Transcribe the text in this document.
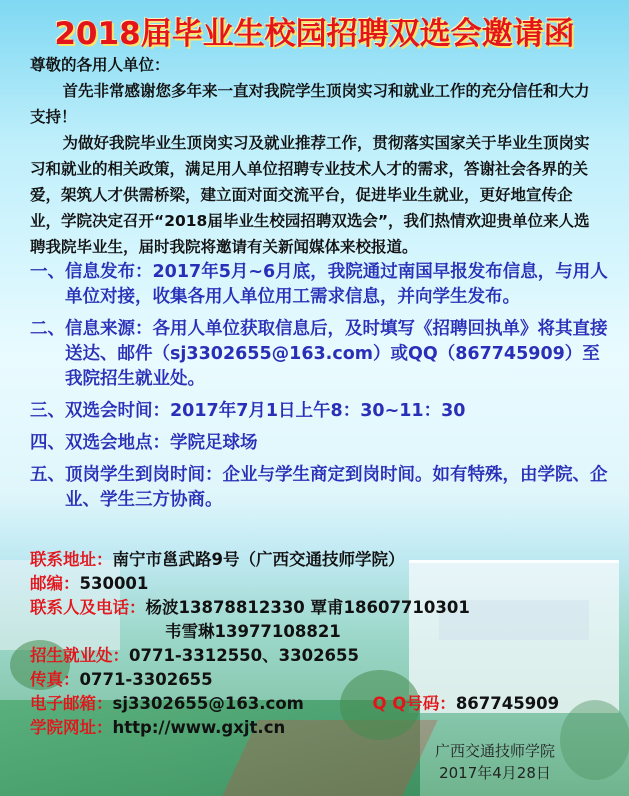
2018届毕业生校园招聘双选会邀请函

尊敬的各用人单位：

首先非常感谢您多年来一直对我院学生顶岗实习和就业工作的充分信任和大力支持！

为做好我院毕业生顶岗实习及就业推荐工作，贯彻落实国家关于毕业生顶岗实习和就业的相关政策，满足用人单位招聘专业技术人才的需求，答谢社会各界的关爱，架筑人才供需桥梁，建立面对面交流平台，促进毕业生就业，更好地宣传企业，学院决定召开“2018届毕业生校园招聘双选会”，我们热情欢迎贵单位来人选聘我院毕业生，届时我院将邀请有关新闻媒体来校报道。

一、 信息发布：2017年5月~6月底，我院通过南国早报发布信息，与用人单位对接，收集各用人单位用工需求信息，并向学生发布。
二、 信息来源：各用人单位获取信息后，及时填写《招聘回执单》将其直接送达、邮件（sj3302655@163.com）或QQ（867745909）至我院招生就业处。
三、 双选会时间：2017年7月1日上午8：30~11：30
四、 双选会地点：学院足球场
五、 顶岗学生到岗时间：企业与学生商定到岗时间。如有特殊，由学院、企业、学生三方协商。
联系地址： 南宁市邕武路9号（广西交通技师学院）
邮编： 530001
联系人及电话： 杨波13878812330 覃甫18607710301
韦雪琳13977108821
招生就业处： 0771-3312550、3302655
传真： 0771-3302655
电子邮箱： sj3302655@163.com	Q Q号码： 867745909
学院网址： http://www.gxjt.cn
广西交通技师学院
2017年4月28日
